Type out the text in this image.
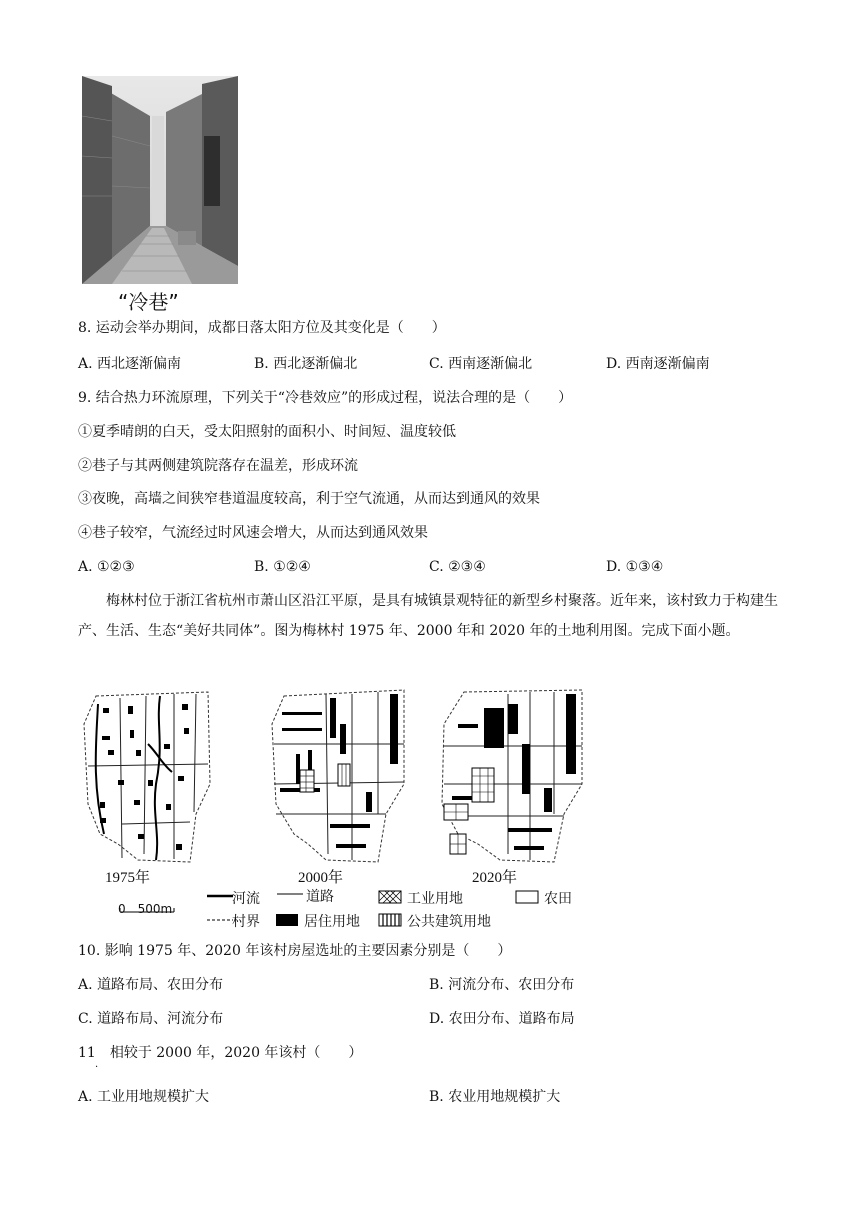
“冷巷”
8. 运动会举办期间，成都日落太阳方位及其变化是（　　）
A. 西北逐渐偏南	B. 西北逐渐偏北	C. 西南逐渐偏北	D. 西南逐渐偏南
9. 结合热力环流原理，下列关于“冷巷效应”的形成过程，说法合理的是（　　）
①夏季晴朗的白天，受太阳照射的面积小、时间短、温度较低
②巷子与其两侧建筑院落存在温差，形成环流
③夜晚，高墙之间狭窄巷道温度较高，利于空气流通，从而达到通风的效果
④巷子较窄，气流经过时风速会增大，从而达到通风效果
A. ①②③	B. ①②④	C. ②③④	D. ①③④
梅林村位于浙江省杭州市萧山区沿江平原，是具有城镇景观特征的新型乡村聚落。近年来，该村致力于构建生产、生活、生态“美好共同体”。图为梅林村 1975 年、2000 年和 2020 年的土地利用图。完成下面小题。
1975年	2000年	2020年
0　500m
河流	道路	工业用地	农田
村界	居住用地	公共建筑用地
10. 影响 1975 年、2020 年该村房屋选址的主要因素分别是（　　）
A. 道路布局、农田分布	B. 河流分布、农田分布
C. 道路布局、河流分布	D. 农田分布、道路布局
11　相较于 2000 年，2020 年该村（　　）
·
A. 工业用地规模扩大	B. 农业用地规模扩大
